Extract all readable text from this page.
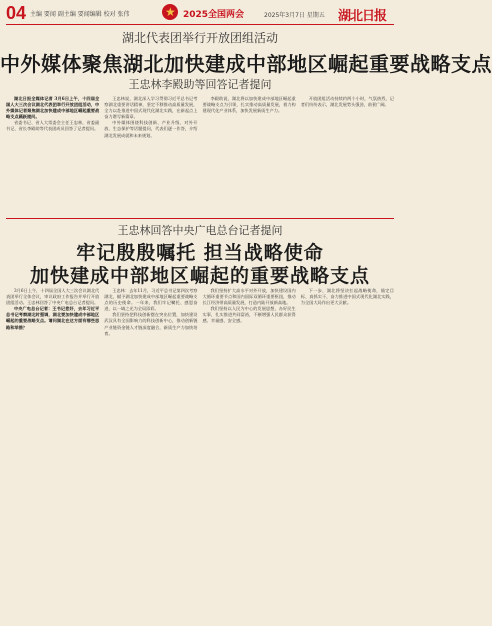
04 主编 要闻 副主编 要闻编辑 校对 张伟	★ 2025全国两会	2025年3月7日 星期五 湖北日报
湖北代表团举行开放团组活动
中外媒体聚焦湖北加快建成中部地区崛起重要战略支点
王忠林李殿助等回答记者提问

湖北日报全媒体记者 3月6日上午，十四届全国人大三次会议湖北代表团举行开放团组活动，中外媒体记者聚焦湖北加快建成中部地区崛起重要战略支点踊跃提问。

省委书记、省人大常委会主任王忠林，省委副书记、省长李殿助等代表团成员回答了记者提问。

王忠林说，湖北深入学习贯彻习近平总书记考察湖北重要讲话精神，坚定不移推动高质量发展，全力以赴推进中国式现代化湖北实践，在新起点上奋力谱写新篇章。

中外媒体围绕科技创新、产业升级、对外开放、生态保护等话题提问，代表们逐一作答，介绍湖北发展成就和未来规划。

李殿助说，湖北将以加快建成中部地区崛起重要战略支点为引领，扎实推动高质量发展，着力构建现代化产业体系，加快发展新质生产力。

开放团组活动持续约两个小时，气氛热烈，记者们纷纷表示，湖北发展势头强劲，前景广阔。

王忠林回答中央广电总台记者提问
牢记殷殷嘱托 担当战略使命
加快建成中部地区崛起的重要战略支点

3月6日上午，十四届全国人大三次会议湖北代表团举行全体会议，审议政府工作报告并举行开放团组活动。王忠林回答了中央广电总台记者提问。

中央广电总台记者：王书记您好，去年习近平总书记考察湖北时强调，湖北要加快建成中部地区崛起的重要战略支点。请问湖北在这方面有哪些思路和举措？

王忠林：去年11月，习近平总书记第四次考察湖北，赋予湖北加快建成中部地区崛起重要战略支点的历史使命。一年来，我们牢记嘱托、感恩奋进，以一域之光为全局添彩。

我们坚持把科技创新摆在突出位置，加快建设武汉具有全国影响力的科技创新中心，推动创新链产业链资金链人才链深度融合，新质生产力加快培育。

我们坚持扩大高水平对外开放，加快建设国内大循环重要节点和国内国际双循环重要枢纽，推动长江经济带高质量发展，打造内陆开放新高地。

我们坚持以人民为中心的发展思想，办好民生实事，扎实推进共同富裕，不断增强人民群众获得感、幸福感、安全感。

下一步，湖北将坚决扛起战略使命，锚定目标、真抓实干，奋力推进中国式现代化湖北实践，为全国大局作出更大贡献。
